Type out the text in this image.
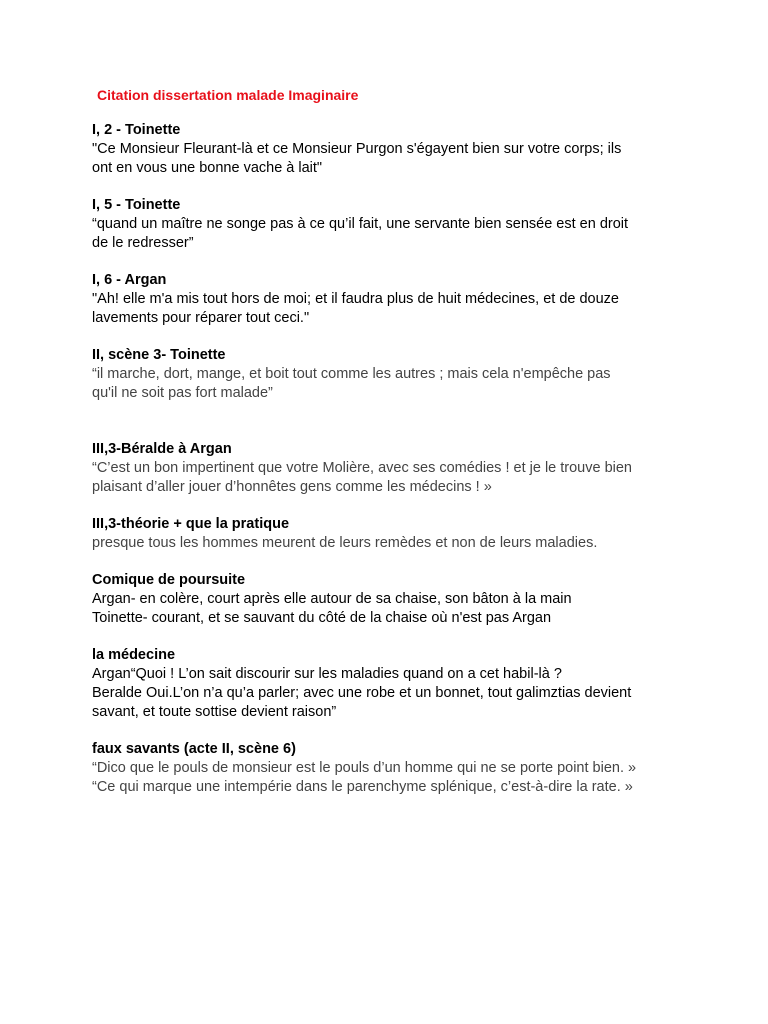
Citation dissertation malade Imaginaire

I, 2 - Toinette

"Ce Monsieur Fleurant-là et ce Monsieur Purgon s'égayent bien sur votre corps; ils

ont en vous une bonne vache à lait"

I, 5 - Toinette

“quand un maître ne songe pas à ce qu’il fait, une servante bien sensée est en droit

de le redresser”

I, 6 - Argan

"Ah! elle m'a mis tout hors de moi; et il faudra plus de huit médecines, et de douze

lavements pour réparer tout ceci."

II, scène 3- Toinette

“il marche, dort, mange, et boit tout comme les autres ; mais cela n'empêche pas

qu'il ne soit pas fort malade”

III,3-Béralde à Argan

“C’est un bon impertinent que votre Molière, avec ses comédies ! et je le trouve bien

plaisant d’aller jouer d’honnêtes gens comme les médecins ! »

III,3-théorie + que la pratique

presque tous les hommes meurent de leurs remèdes et non de leurs maladies.

Comique de poursuite

Argan- en colère, court après elle autour de sa chaise, son bâton à la main

Toinette- courant, et se sauvant du côté de la chaise où n'est pas Argan

la médecine

Argan“Quoi ! L’on sait discourir sur les maladies quand on a cet habil-là ?

Beralde Oui.L’on n’a qu’a parler; avec une robe et un bonnet, tout galimztias devient

savant, et toute sottise devient raison”

faux savants (acte II, scène 6)

“Dico que le pouls de monsieur est le pouls d’un homme qui ne se porte point bien. »

“Ce qui marque une intempérie dans le parenchyme splénique, c’est-à-dire la rate. »
